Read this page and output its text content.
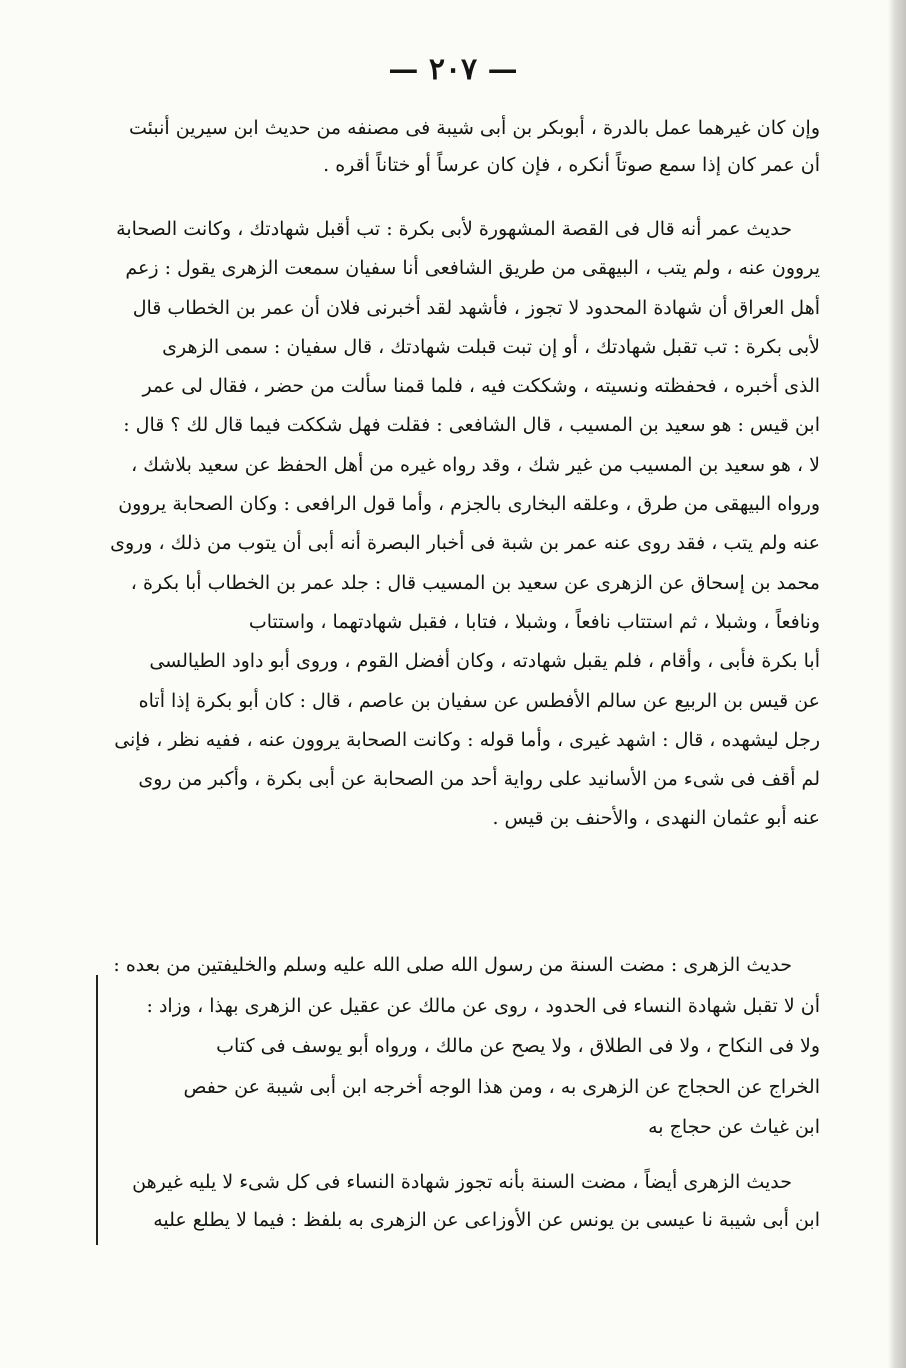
— ٢٠٧ —
وإن كان غيرهما عمل بالدرة ، أبوبكر بن أبى شيبة فى مصنفه من حديث ابن سيرين أنبئت
أن عمر كان إذا سمع صوتاً أنكره ، فإن كان عرساً أو ختاناً أقره .
حديث عمر أنه قال فى القصة المشهورة لأبى بكرة : تب أقبل شهادتك ، وكانت الصحابة
يروون عنه ، ولم يتب ، البيهقى من طريق الشافعى أنا سفيان سمعت الزهرى يقول : زعم
أهل العراق أن شهادة المحدود لا تجوز ، فأشهد لقد أخبرنى فلان أن عمر بن الخطاب قال
لأبى بكرة : تب تقبل شهادتك ، أو إن تبت قبلت شهادتك ، قال سفيان : سمى الزهرى
الذى أخبره ، فحفظته ونسيته ، وشككت فيه ، فلما قمنا سألت من حضر ، فقال لى عمر
ابن قيس : هو سعيد بن المسيب ، قال الشافعى : فقلت فهل شككت فيما قال لك ؟ قال :
لا ، هو سعيد بن المسيب من غير شك ، وقد رواه غيره من أهل الحفظ عن سعيد بلاشك ،
ورواه البيهقى من طرق ، وعلقه البخارى بالجزم ، وأما قول الرافعى : وكان الصحابة يروون
عنه ولم يتب ، فقد روى عنه عمر بن شبة فى أخبار البصرة أنه أبى أن يتوب من ذلك ، وروى
محمد بن إسحاق عن الزهرى عن سعيد بن المسيب قال : جلد عمر بن الخطاب أبا بكرة ،
ونافعاً ، وشبلا ، ثم استتاب نافعاً ، وشبلا ، فتابا ، فقبل شهادتهما ، واستتاب
أبا بكرة فأبى ، وأقام ، فلم يقبل شهادته ، وكان أفضل القوم ، وروى أبو داود الطيالسى
عن قيس بن الربيع عن سالم الأفطس عن سفيان بن عاصم ، قال : كان أبو بكرة إذا أتاه
رجل ليشهده ، قال : اشهد غيرى ، وأما قوله : وكانت الصحابة يروون عنه ، ففيه نظر ، فإنى
لم أقف فى شىء من الأسانيد على رواية أحد من الصحابة عن أبى بكرة ، وأكبر من روى
عنه أبو عثمان النهدى ، والأحنف بن قيس .
حديث الزهرى : مضت السنة من رسول الله صلى الله عليه وسلم والخليفتين من بعده :
أن لا تقبل شهادة النساء فى الحدود ، روى عن مالك عن عقيل عن الزهرى بهذا ، وزاد :
ولا فى النكاح ، ولا فى الطلاق ، ولا يصح عن مالك ، ورواه أبو يوسف فى كتاب
الخراج عن الحجاج عن الزهرى به ، ومن هذا الوجه أخرجه ابن أبى شيبة عن حفص
ابن غياث عن حجاج به
حديث الزهرى أيضاً ، مضت السنة بأنه تجوز شهادة النساء فى كل شىء لا يليه غيرهن
ابن أبى شيبة نا عيسى بن يونس عن الأوزاعى عن الزهرى به بلفظ : فيما لا يطلع عليه
